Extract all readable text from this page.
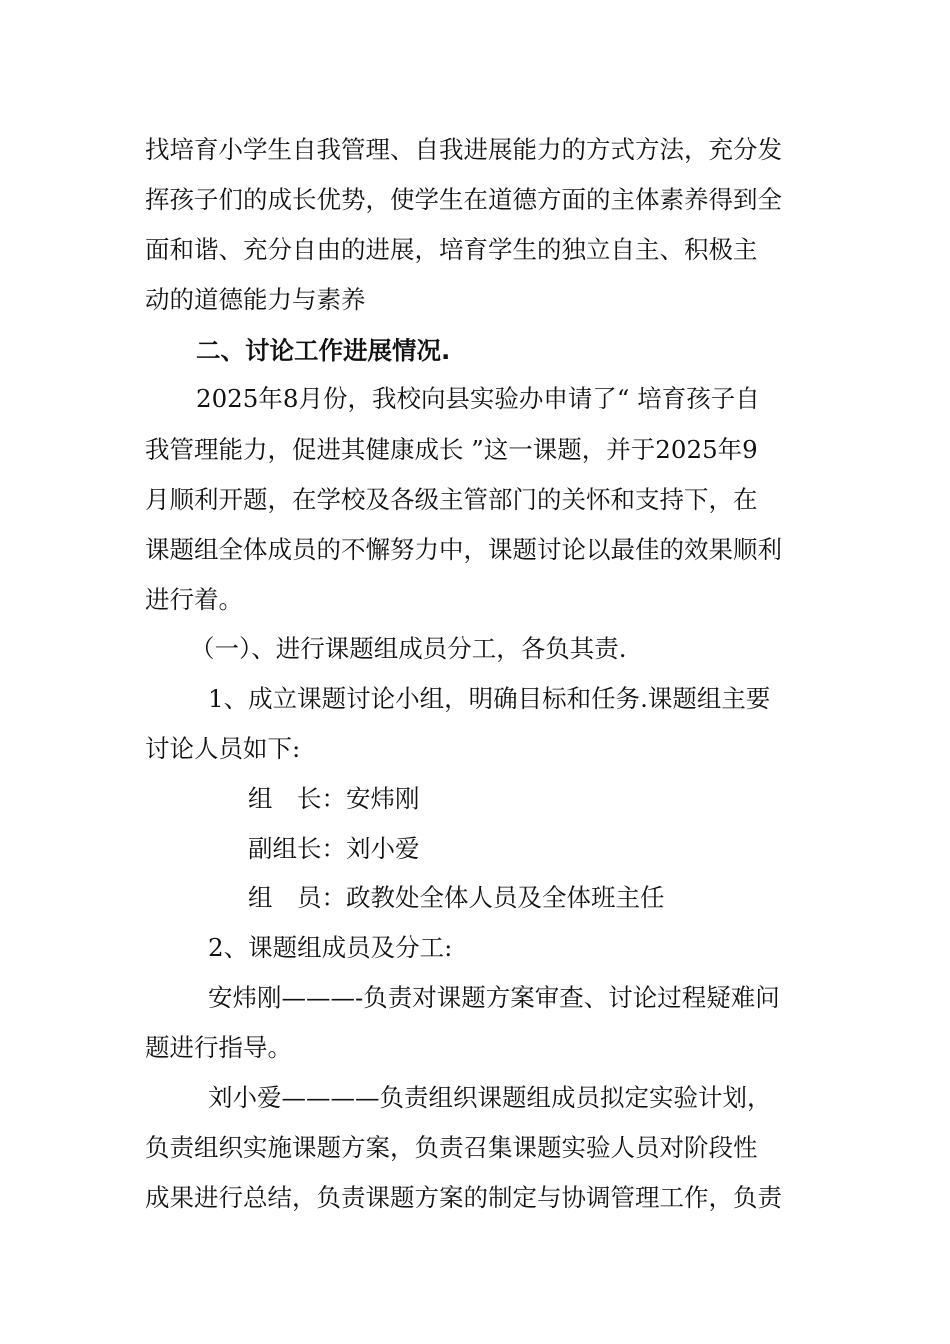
找培育小学生自我管理、自我进展能力的方式方法，充分发
挥孩子们的成长优势，使学生在道德方面的主体素养得到全
面和谐、充分自由的进展，培育学生的独立自主、积极主
动的道德能力与素养
二、讨论工作进展情况.
2025年8月份，我校向县实验办申请了“ 培育孩子自
我管理能力，促进其健康成长 ”这一课题，并于2025年9
月顺利开题，在学校及各级主管部门的关怀和支持下，在
课题组全体成员的不懈努力中，课题讨论以最佳的效果顺利
进行着。
（一）、进行课题组成员分工，各负其责.
1、成立课题讨论小组，明确目标和任务.课题组主要
讨论人员如下:
组　长：安炜刚
副组长：刘小爱
组　员：政教处全体人员及全体班主任
2、课题组成员及分工:
安炜刚———-负责对课题方案审查、讨论过程疑难问
题进行指导。
刘小爱————负责组织课题组成员拟定实验计划，
负责组织实施课题方案，负责召集课题实验人员对阶段性
成果进行总结，负责课题方案的制定与协调管理工作，负责
